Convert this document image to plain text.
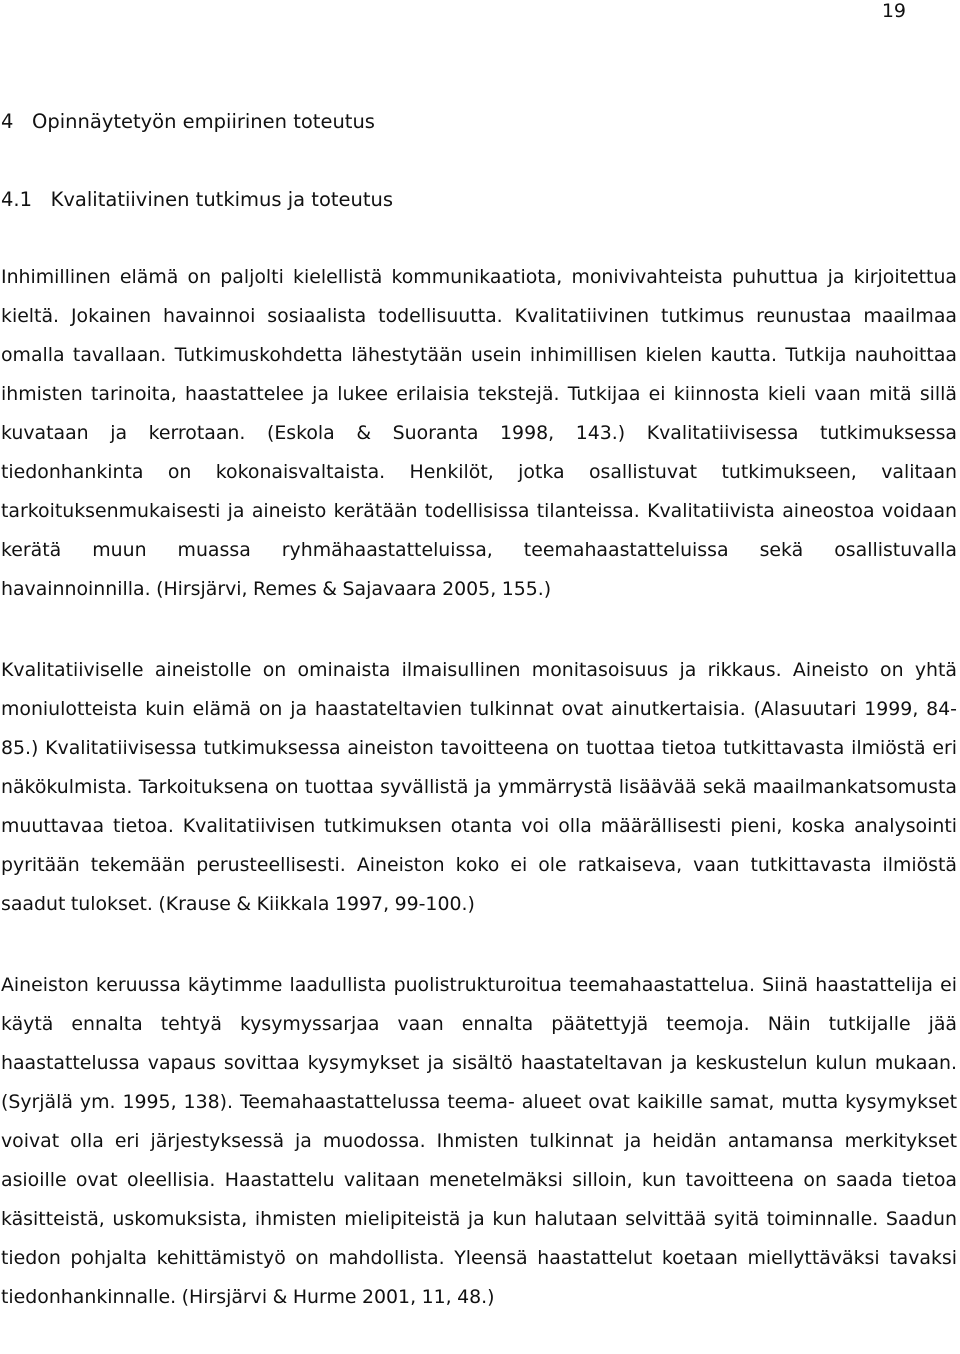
19
4   Opinnäytetyön empiirinen toteutus
4.1   Kvalitatiivinen tutkimus ja toteutus

Inhimillinen elämä on paljolti kielellistä kommunikaatiota, monivivahteista puhuttua ja kirjoitettua kieltä. Jokainen havainnoi sosiaalista todellisuutta. Kvalitatiivinen tutkimus reunustaa maailmaa omalla tavallaan. Tutkimuskohdetta lähestytään usein inhimillisen kielen kautta. Tutkija nauhoittaa ihmisten tarinoita, haastattelee ja lukee erilaisia tekstejä. Tutkijaa ei kiinnosta kieli vaan mitä sillä kuvataan ja kerrotaan. (Eskola & Suoranta 1998, 143.) Kvalitatiivisessa tutkimuksessa tiedonhankinta on kokonaisvaltaista. Henkilöt, jotka osallistuvat tutkimukseen, valitaan tarkoituksenmukaisesti ja aineisto kerätään todellisissa tilanteissa. Kvalitatiivista aineostoa voidaan kerätä muun muassa ryhmähaastatteluissa, teemahaastatteluissa sekä osallistuvalla havainnoinnilla. (Hirsjärvi, Remes & Sajavaara 2005, 155.)

Kvalitatiiviselle aineistolle on ominaista ilmaisullinen monitasoisuus ja rikkaus. Aineisto on yhtä moniulotteista kuin elämä on ja haastateltavien tulkinnat ovat ainutkertaisia. (Alasuutari 1999, 84-85.) Kvalitatiivisessa tutkimuksessa aineiston tavoitteena on tuottaa tietoa tutkittavasta ilmiöstä eri näkökulmista. Tarkoituksena on tuottaa syvällistä ja ymmärrystä lisäävää sekä maailmankatsomusta muuttavaa tietoa. Kvalitatiivisen tutkimuksen otanta voi olla määrällisesti pieni, koska analysointi pyritään tekemään perusteellisesti. Aineiston koko ei ole ratkaiseva, vaan tutkittavasta ilmiöstä saadut tulokset. (Krause & Kiikkala 1997, 99-100.)

Aineiston keruussa käytimme laadullista puolistrukturoitua teemahaastattelua. Siinä haastattelija ei käytä ennalta tehtyä kysymyssarjaa vaan ennalta päätettyjä teemoja. Näin tutkijalle jää haastattelussa vapaus sovittaa kysymykset ja sisältö haastateltavan ja keskustelun kulun mukaan. (Syrjälä ym. 1995, 138). Teemahaastattelussa teema- alueet ovat kaikille samat, mutta kysymykset voivat olla eri järjestyksessä ja muodossa. Ihmisten tulkinnat ja heidän antamansa merkitykset asioille ovat oleellisia. Haastattelu valitaan menetelmäksi silloin, kun tavoitteena on saada tietoa käsitteistä, uskomuksista, ihmisten mielipiteistä ja kun halutaan selvittää syitä toiminnalle. Saadun tiedon pohjalta kehittämistyö on mahdollista. Yleensä haastattelut koetaan miellyttäväksi tavaksi tiedonhankinnalle. (Hirsjärvi & Hurme 2001, 11, 48.)
